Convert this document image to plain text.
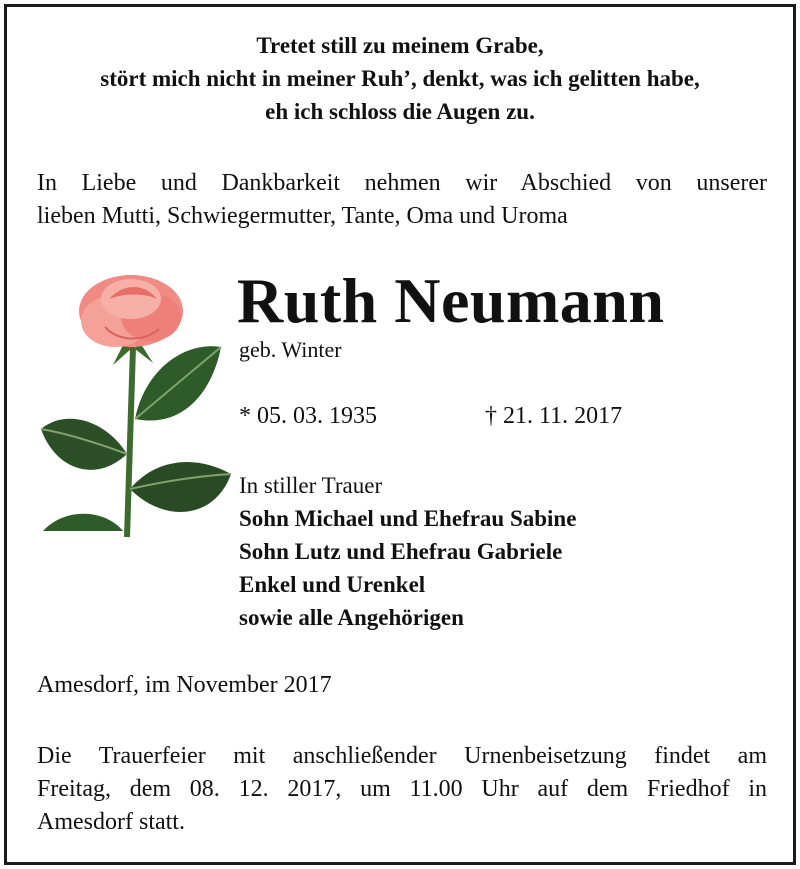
Tretet still zu meinem Grabe,
stört mich nicht in meiner Ruh’, denkt, was ich gelitten habe,
eh ich schloss die Augen zu.
In Liebe und Dankbarkeit nehmen wir Abschied von unserer
lieben Mutti, Schwiegermutter, Tante, Oma und Uroma
Ruth Neumann
geb. Winter
* 05. 03. 1935	† 21. 11. 2017
In stiller Trauer
Sohn Michael und Ehefrau Sabine
Sohn Lutz und Ehefrau Gabriele
Enkel und Urenkel
sowie alle Angehörigen
Amesdorf, im November 2017
Die Trauerfeier mit anschließender Urnenbeisetzung findet am
Freitag, dem 08. 12. 2017, um 11.00 Uhr auf dem Friedhof in
Amesdorf statt.
